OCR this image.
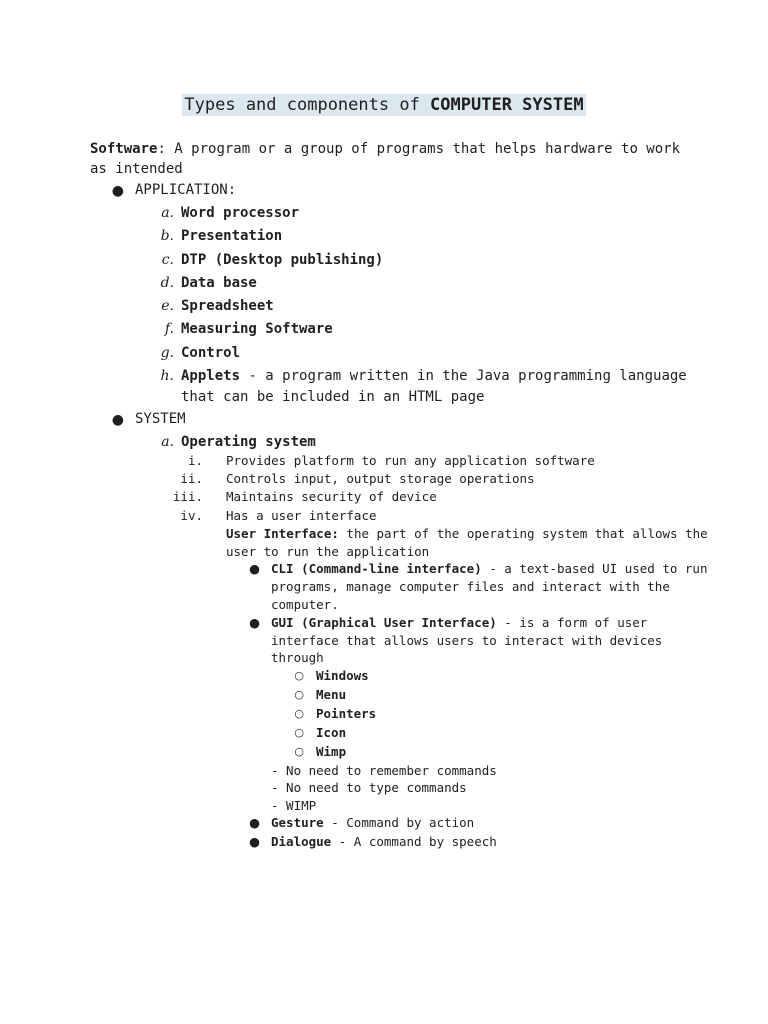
Types and components of COMPUTER SYSTEM
Software: A program or a group of programs that helps hardware to work
as intended
● APPLICATION:
a. Word processor
b. Presentation
c. DTP (Desktop publishing)
d. Data base
e. Spreadsheet
f. Measuring Software
g. Control
h. Applets - a program written in the Java programming language
that can be included in an HTML page
● SYSTEM
a. Operating system
i. Provides platform to run any application software
ii. Controls input, output storage operations
iii. Maintains security of device
iv. Has a user interface
User Interface: the part of the operating system that allows the
user to run the application
● CLI (Command-line interface) - a text-based UI used to run
programs, manage computer files and interact with the
computer.
● GUI (Graphical User Interface) - is a form of user
interface that allows users to interact with devices
through
○ Windows
○ Menu
○ Pointers
○ Icon
○ Wimp
- No need to remember commands
- No need to type commands
- WIMP
● Gesture - Command by action
● Dialogue - A command by speech
